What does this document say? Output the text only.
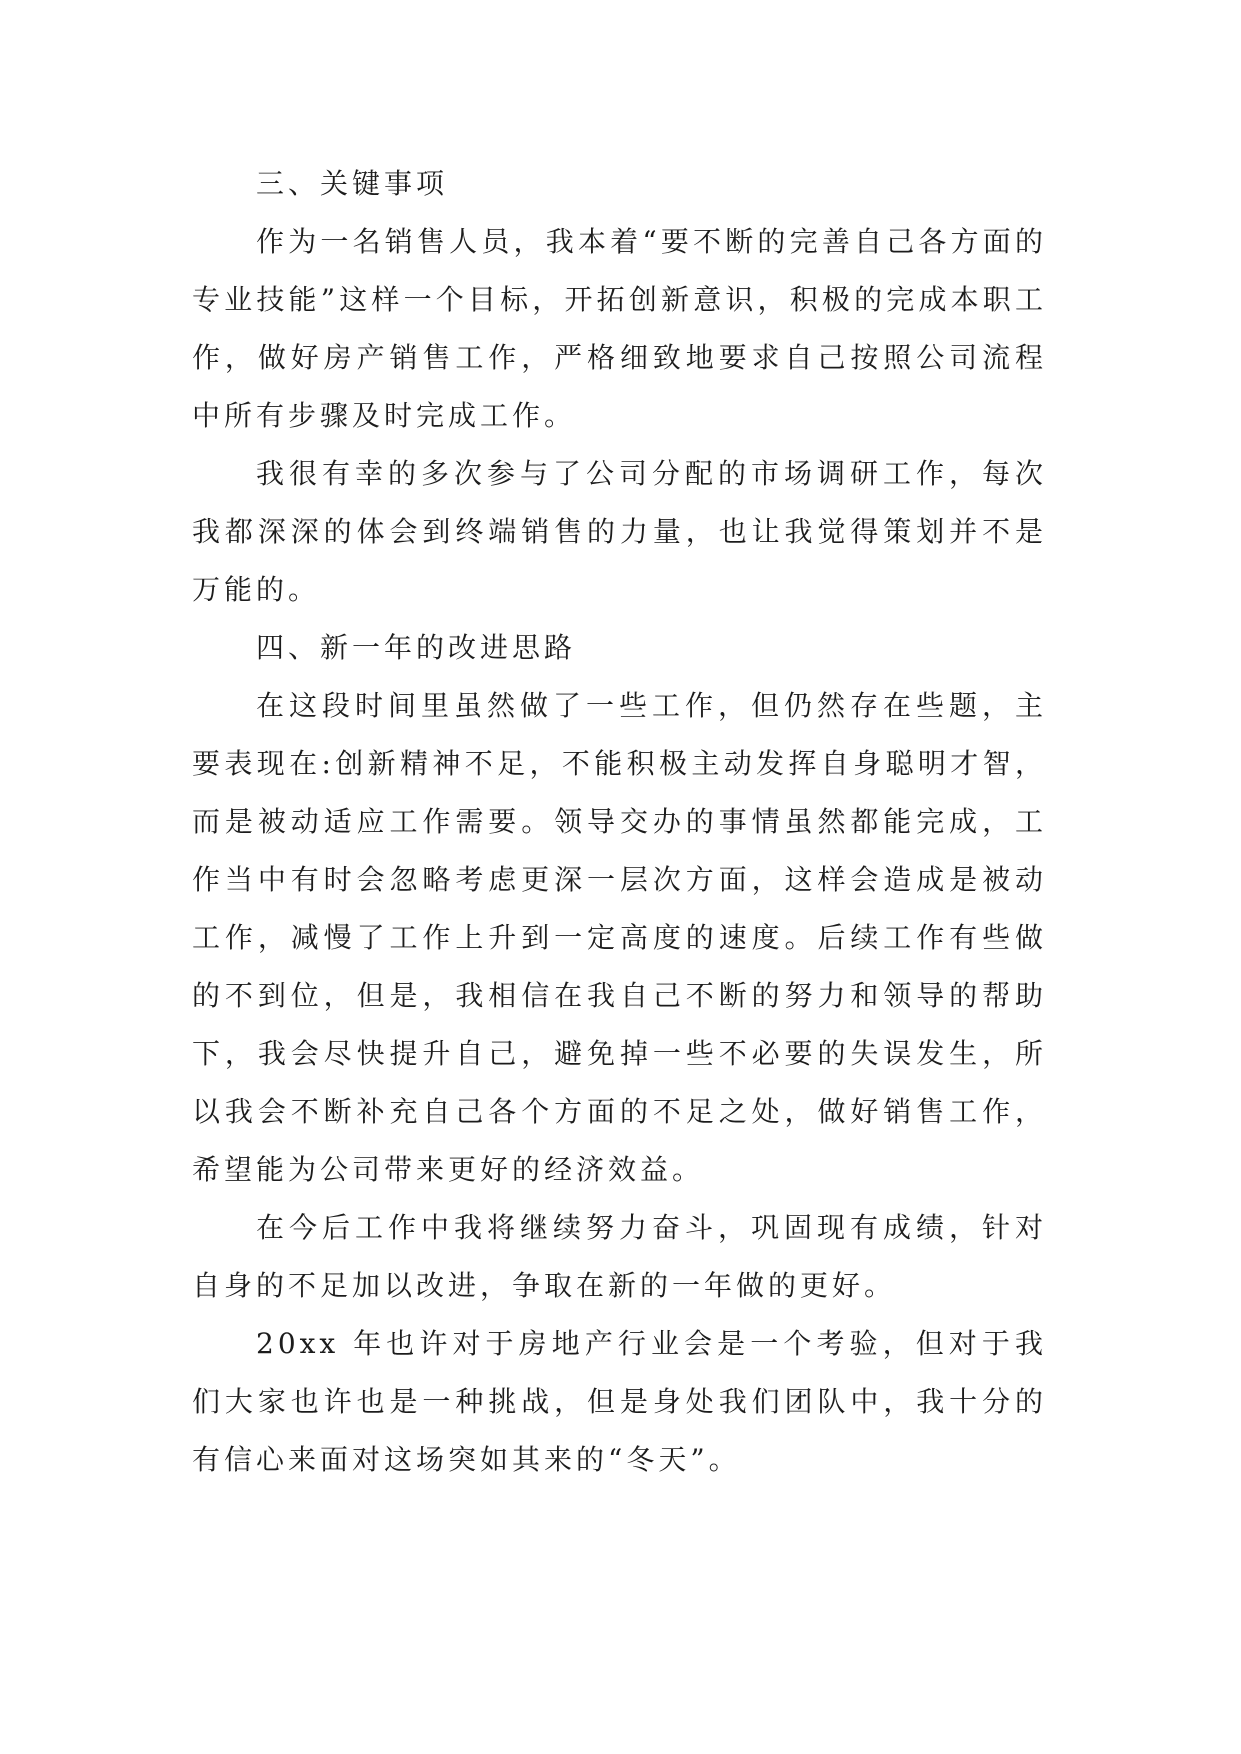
三、关键事项

作为一名销售人员，我本着“要不断的完善自己各方面的专业技能”这样一个目标，开拓创新意识，积极的完成本职工作，做好房产销售工作，严格细致地要求自己按照公司流程中所有步骤及时完成工作。

我很有幸的多次参与了公司分配的市场调研工作，每次我都深深的体会到终端销售的力量，也让我觉得策划并不是万能的。

四、新一年的改进思路

在这段时间里虽然做了一些工作，但仍然存在些题，主要表现在:创新精神不足，不能积极主动发挥自身聪明才智，而是被动适应工作需要。领导交办的事情虽然都能完成，工作当中有时会忽略考虑更深一层次方面，这样会造成是被动工作，减慢了工作上升到一定高度的速度。后续工作有些做的不到位，但是，我相信在我自己不断的努力和领导的帮助下，我会尽快提升自己，避免掉一些不必要的失误发生，所以我会不断补充自己各个方面的不足之处，做好销售工作，希望能为公司带来更好的经济效益。

在今后工作中我将继续努力奋斗，巩固现有成绩，针对自身的不足加以改进，争取在新的一年做的更好。

20xx 年也许对于房地产行业会是一个考验，但对于我们大家也许也是一种挑战，但是身处我们团队中，我十分的有信心来面对这场突如其来的“冬天”。
